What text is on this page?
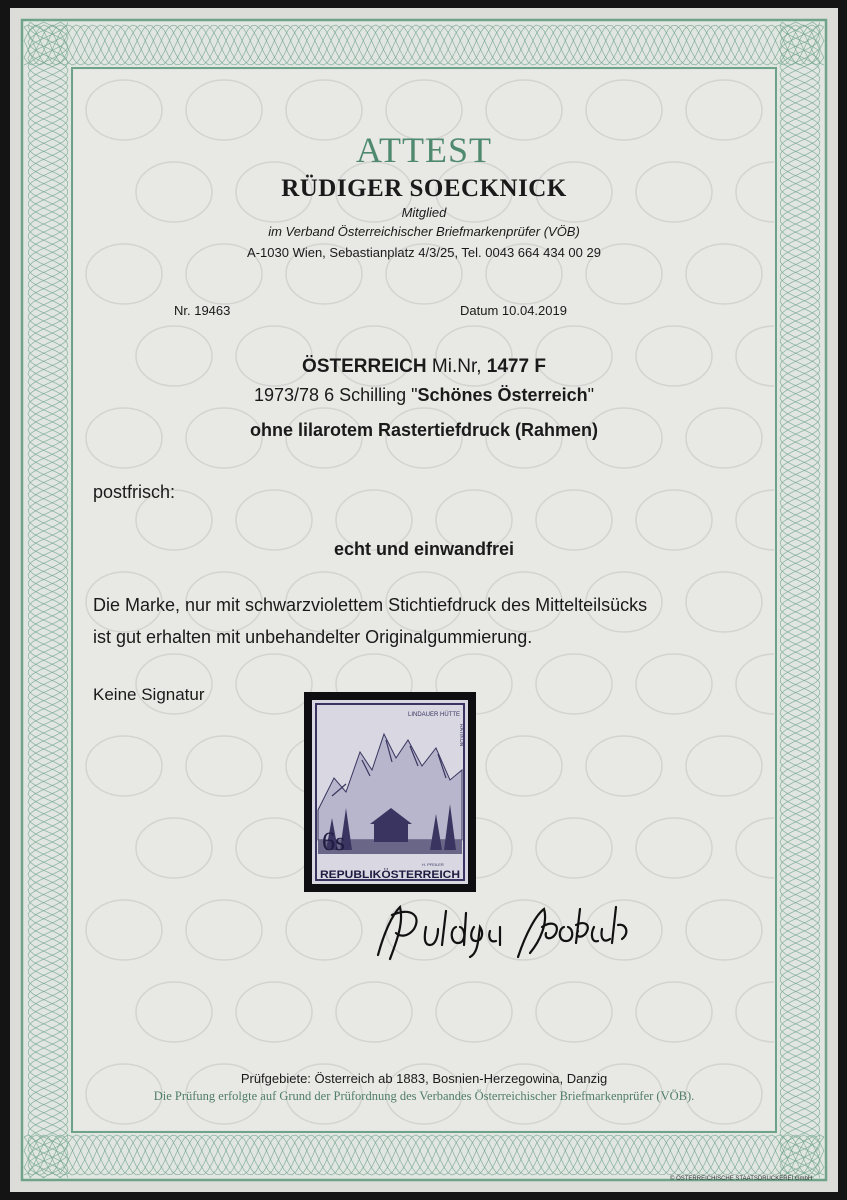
ATTEST
RÜDIGER SOECKNICK
Mitglied
im Verband Österreichischer Briefmarkenprüfer (VÖB)
A-1030 Wien, Sebastianplatz 4/3/25, Tel. 0043 664 434 00 29
Nr. 19463	Datum 10.04.2019
ÖSTERREICH Mi.Nr, 1477 F
1973/78 6 Schilling "Schönes Österreich"
ohne lilarotem Rastertiefdruck (Rahmen)
postfrisch:
echt und einwandfrei
Die Marke, nur mit schwarzviolettem Stichtiefdruck des Mittelteilsücks
ist gut erhalten mit unbehandelter Originalgummierung.
Keine Signatur
LINDAUER HÜTTE
RÄTIKON
6s
H. PFEILER
REPUBLIKÖSTERREICH
Prüfgebiete: Österreich ab 1883, Bosnien-Herzegowina, Danzig
Die Prüfung erfolgte auf Grund der Prüfordnung des Verbandes Österreichischer Briefmarkenprüfer (VÖB).
© ÖSTERREICHISCHE STAATSDRUCKEREI GmbH
